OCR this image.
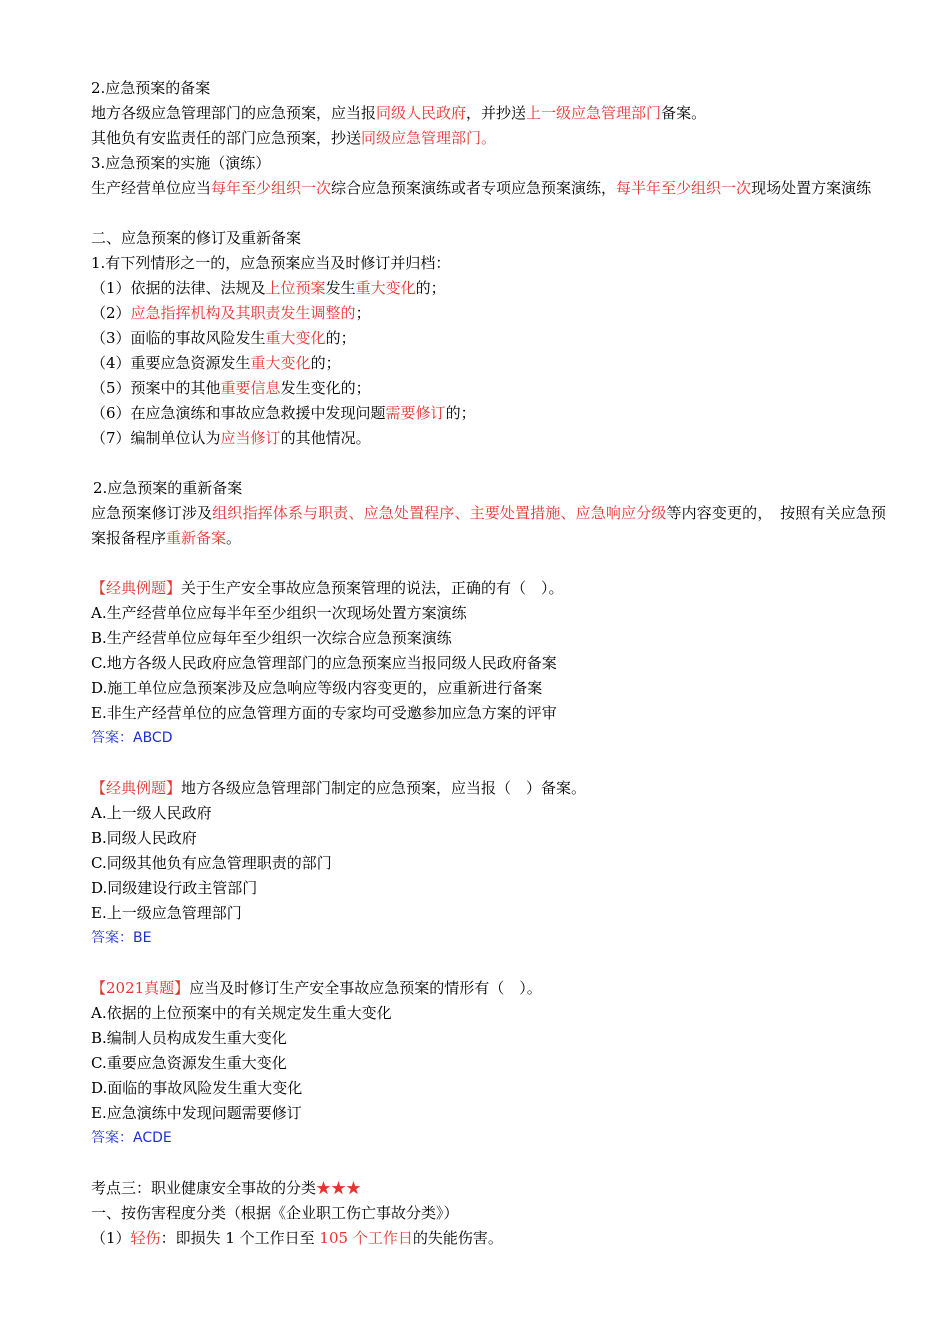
2.应急预案的备案
地方各级应急管理部门的应急预案，应当报同级人民政府，并抄送上一级应急管理部门备案。
其他负有安监责任的部门应急预案，抄送同级应急管理部门。
3.应急预案的实施（演练）
生产经营单位应当每年至少组织一次综合应急预案演练或者专项应急预案演练，每半年至少组织一次现场处置方案演练
二、应急预案的修订及重新备案
1.有下列情形之一的，应急预案应当及时修订并归档：
（1）依据的法律、法规及上位预案发生重大变化的；
（2）应急指挥机构及其职责发生调整的；
（3）面临的事故风险发生重大变化的；
（4）重要应急资源发生重大变化的；
（5）预案中的其他重要信息发生变化的；
（6）在应急演练和事故应急救援中发现问题需要修订的；
（7）编制单位认为应当修订的其他情况。
2.应急预案的重新备案
应急预案修订涉及组织指挥体系与职责、应急处置程序、主要处置措施、应急响应分级等内容变更的，　按照有关应急预案报备程序重新备案。
【经典例题】关于生产安全事故应急预案管理的说法，正确的有（　）。
A.生产经营单位应每半年至少组织一次现场处置方案演练
B.生产经营单位应每年至少组织一次综合应急预案演练
C.地方各级人民政府应急管理部门的应急预案应当报同级人民政府备案
D.施工单位应急预案涉及应急响应等级内容变更的，应重新进行备案
E.非生产经营单位的应急管理方面的专家均可受邀参加应急方案的评审
答案：ABCD
【经典例题】地方各级应急管理部门制定的应急预案，应当报（　）备案。
A.上一级人民政府
B.同级人民政府
C.同级其他负有应急管理职责的部门
D.同级建设行政主管部门
E.上一级应急管理部门
答案：BE
【2021真题】应当及时修订生产安全事故应急预案的情形有（　）。
A.依据的上位预案中的有关规定发生重大变化
B.编制人员构成发生重大变化
C.重要应急资源发生重大变化
D.面临的事故风险发生重大变化
E.应急演练中发现问题需要修订
答案：ACDE
考点三：职业健康安全事故的分类★★★
一、按伤害程度分类（根据《企业职工伤亡事故分类》）
（1）轻伤：即损失 1 个工作日至 105 个工作日的失能伤害。
